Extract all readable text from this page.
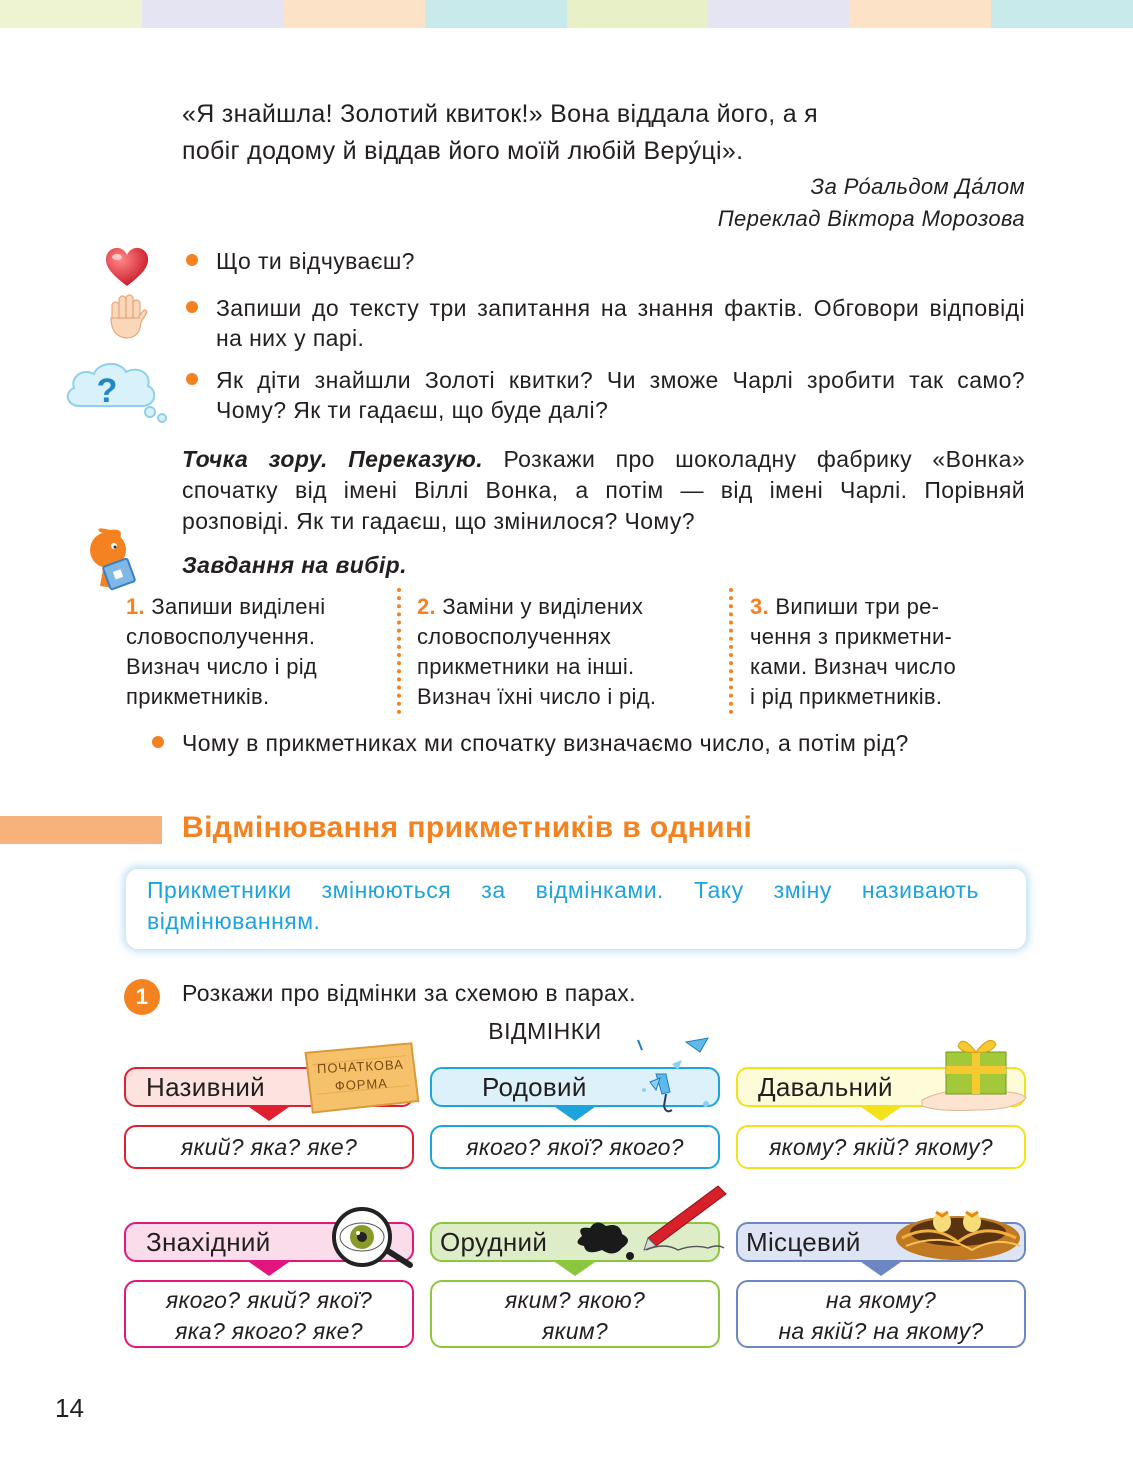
«Я знайшла! Золотий квиток!» Вона віддала його, а я
побіг додому й віддав його моїй любій Веру́ці».
За Ро́альдом Да́лом
Переклад Віктора Морозова
?
Що ти відчуваєш?
Запиши до тексту три запитання на знання фактів. Обговори відповіді на них у парі.
Як діти знайшли Золоті квитки? Чи зможе Чарлі зробити так само? Чому? Як ти гадаєш, що буде далі?
Точка зору. Переказую. Розкажи про шоколадну фабрику «Вонка» спочатку від імені Віллі Вонка, а потім — від імені Чарлі. Порівняй розповіді. Як ти гадаєш, що змінилося? Чому?
Завдання на вибір.
1. Запиши виділені
словосполучення.
Визнач число і рід
прикметників.
2. Заміни у виділених
словосполученнях
прикметники на інші.
Визнач їхні число і рід.
3. Випиши три ре-
чення з прикметни-
ками. Визнач число
і рід прикметників.
Чому в прикметниках ми спочатку визначаємо число, а потім рід?
Відмінювання прикметників в однині
Прикметники змінюються за відмінками. Таку зміну називають відмінюванням.
1	Розкажи про відмінки за схемою в парах.
ВІДМІНКИ
Називний
який? яка? яке?
Родовий
якого? якої? якого?
Давальний
якому? якій? якому?
Знахідний
якого? який? якої?
яка? якого? яке?
Орудний
яким? якою?
яким?
Місцевий
на якому?
на якій? на якому?
ПОЧАТКОВА
ФОРМА
14
